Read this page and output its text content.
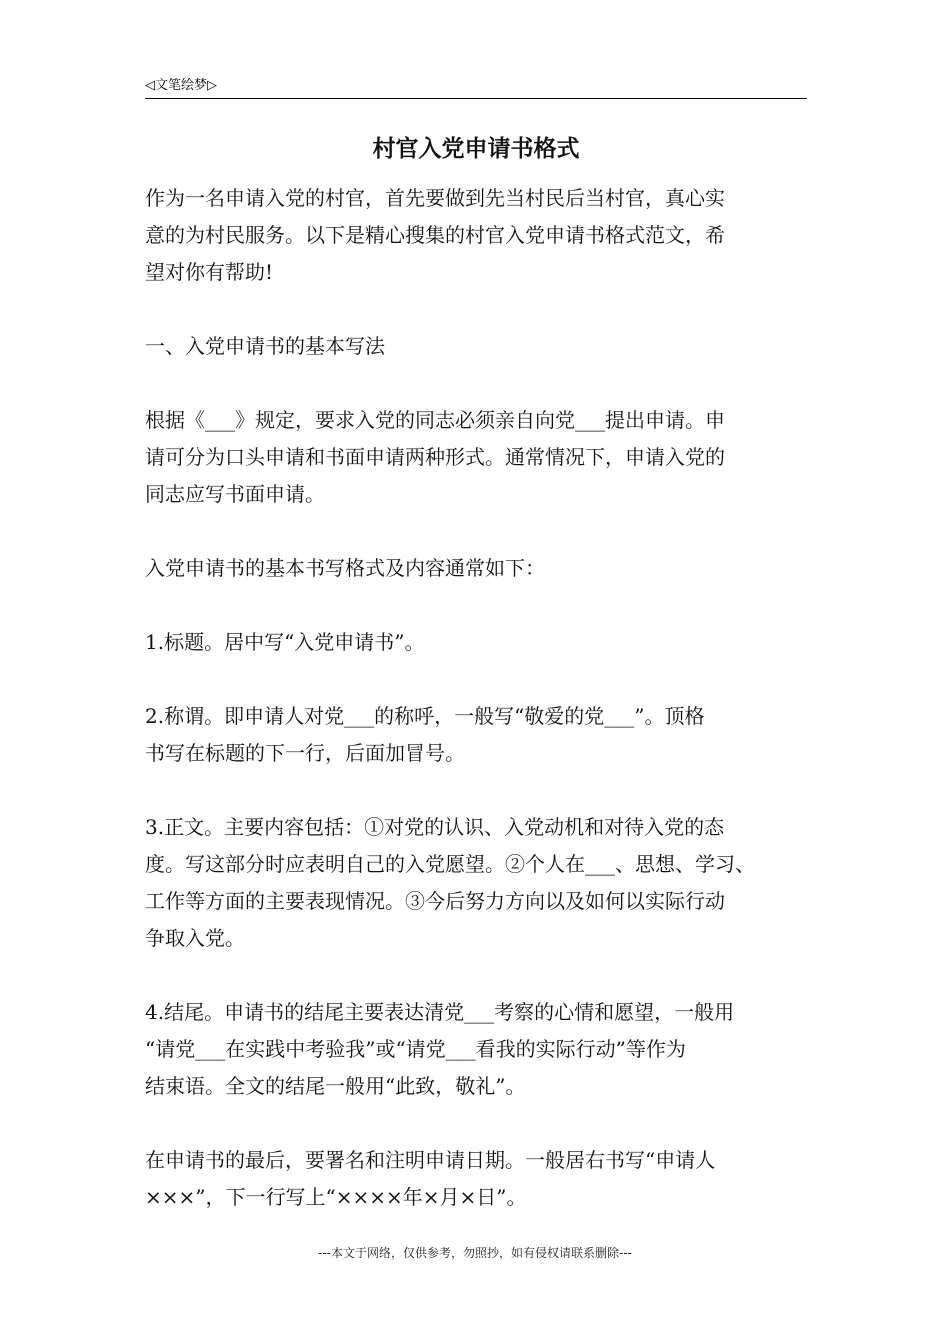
◁文笔绘梦▷
村官入党申请书格式

作为一名申请入党的村官，首先要做到先当村民后当村官，真心实
意的为村民服务。以下是精心搜集的村官入党申请书格式范文，希
望对你有帮助!

一、入党申请书的基本写法

根据《___》规定，要求入党的同志必须亲自向党___提出申请。申
请可分为口头申请和书面申请两种形式。通常情况下，申请入党的
同志应写书面申请。

入党申请书的基本书写格式及内容通常如下：

1.标题。居中写“入党申请书”。

2.称谓。即申请人对党___的称呼，一般写“敬爱的党___”。顶格
书写在标题的下一行，后面加冒号。

3.正文。主要内容包括：①对党的认识、入党动机和对待入党的态
度。写这部分时应表明自己的入党愿望。②个人在___、思想、学习、
工作等方面的主要表现情况。③今后努力方向以及如何以实际行动
争取入党。

4.结尾。申请书的结尾主要表达清党___考察的心情和愿望，一般用
“请党___在实践中考验我”或“请党___看我的实际行动”等作为
结束语。全文的结尾一般用“此致，敬礼”。

在申请书的最后，要署名和注明申请日期。一般居右书写“申请人
×××”，下一行写上“××××年×月×日”。

---本文于网络，仅供参考，勿照抄，如有侵权请联系删除---
